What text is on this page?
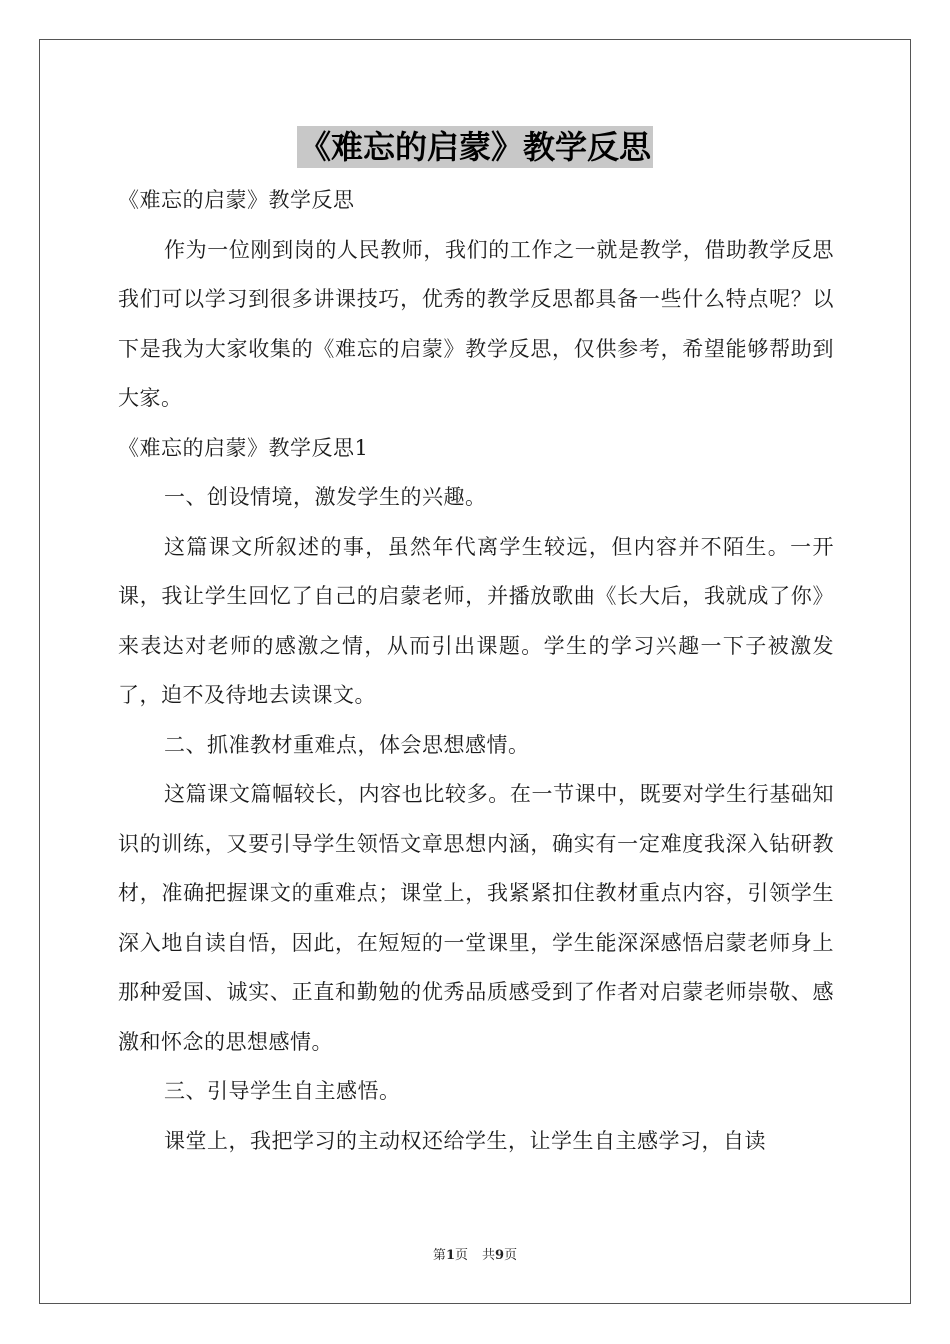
《难忘的启蒙》教学反思

《难忘的启蒙》教学反思

作为一位刚到岗的人民教师，我们的工作之一就是教学，借助教学反思我们可以学习到很多讲课技巧，优秀的教学反思都具备一些什么特点呢？以下是我为大家收集的《难忘的启蒙》教学反思，仅供参考，希望能够帮助到大家。

《难忘的启蒙》教学反思1

一、创设情境，激发学生的兴趣。

这篇课文所叙述的事，虽然年代离学生较远，但内容并不陌生。一开课，我让学生回忆了自己的启蒙老师，并播放歌曲《长大后，我就成了你》来表达对老师的感激之情，从而引出课题。学生的学习兴趣一下子被激发了，迫不及待地去读课文。

二、抓准教材重难点，体会思想感情。

这篇课文篇幅较长，内容也比较多。在一节课中，既要对学生行基础知识的训练，又要引导学生领悟文章思想内涵，确实有一定难度我深入钻研教材，准确把握课文的重难点；课堂上，我紧紧扣住教材重点内容，引领学生深入地自读自悟，因此，在短短的一堂课里，学生能深深感悟启蒙老师身上那种爱国、诚实、正直和勤勉的优秀品质感受到了作者对启蒙老师崇敬、感激和怀念的思想感情。

三、引导学生自主感悟。

课堂上，我把学习的主动权还给学生，让学生自主感学习，自读

第1页 共9页
